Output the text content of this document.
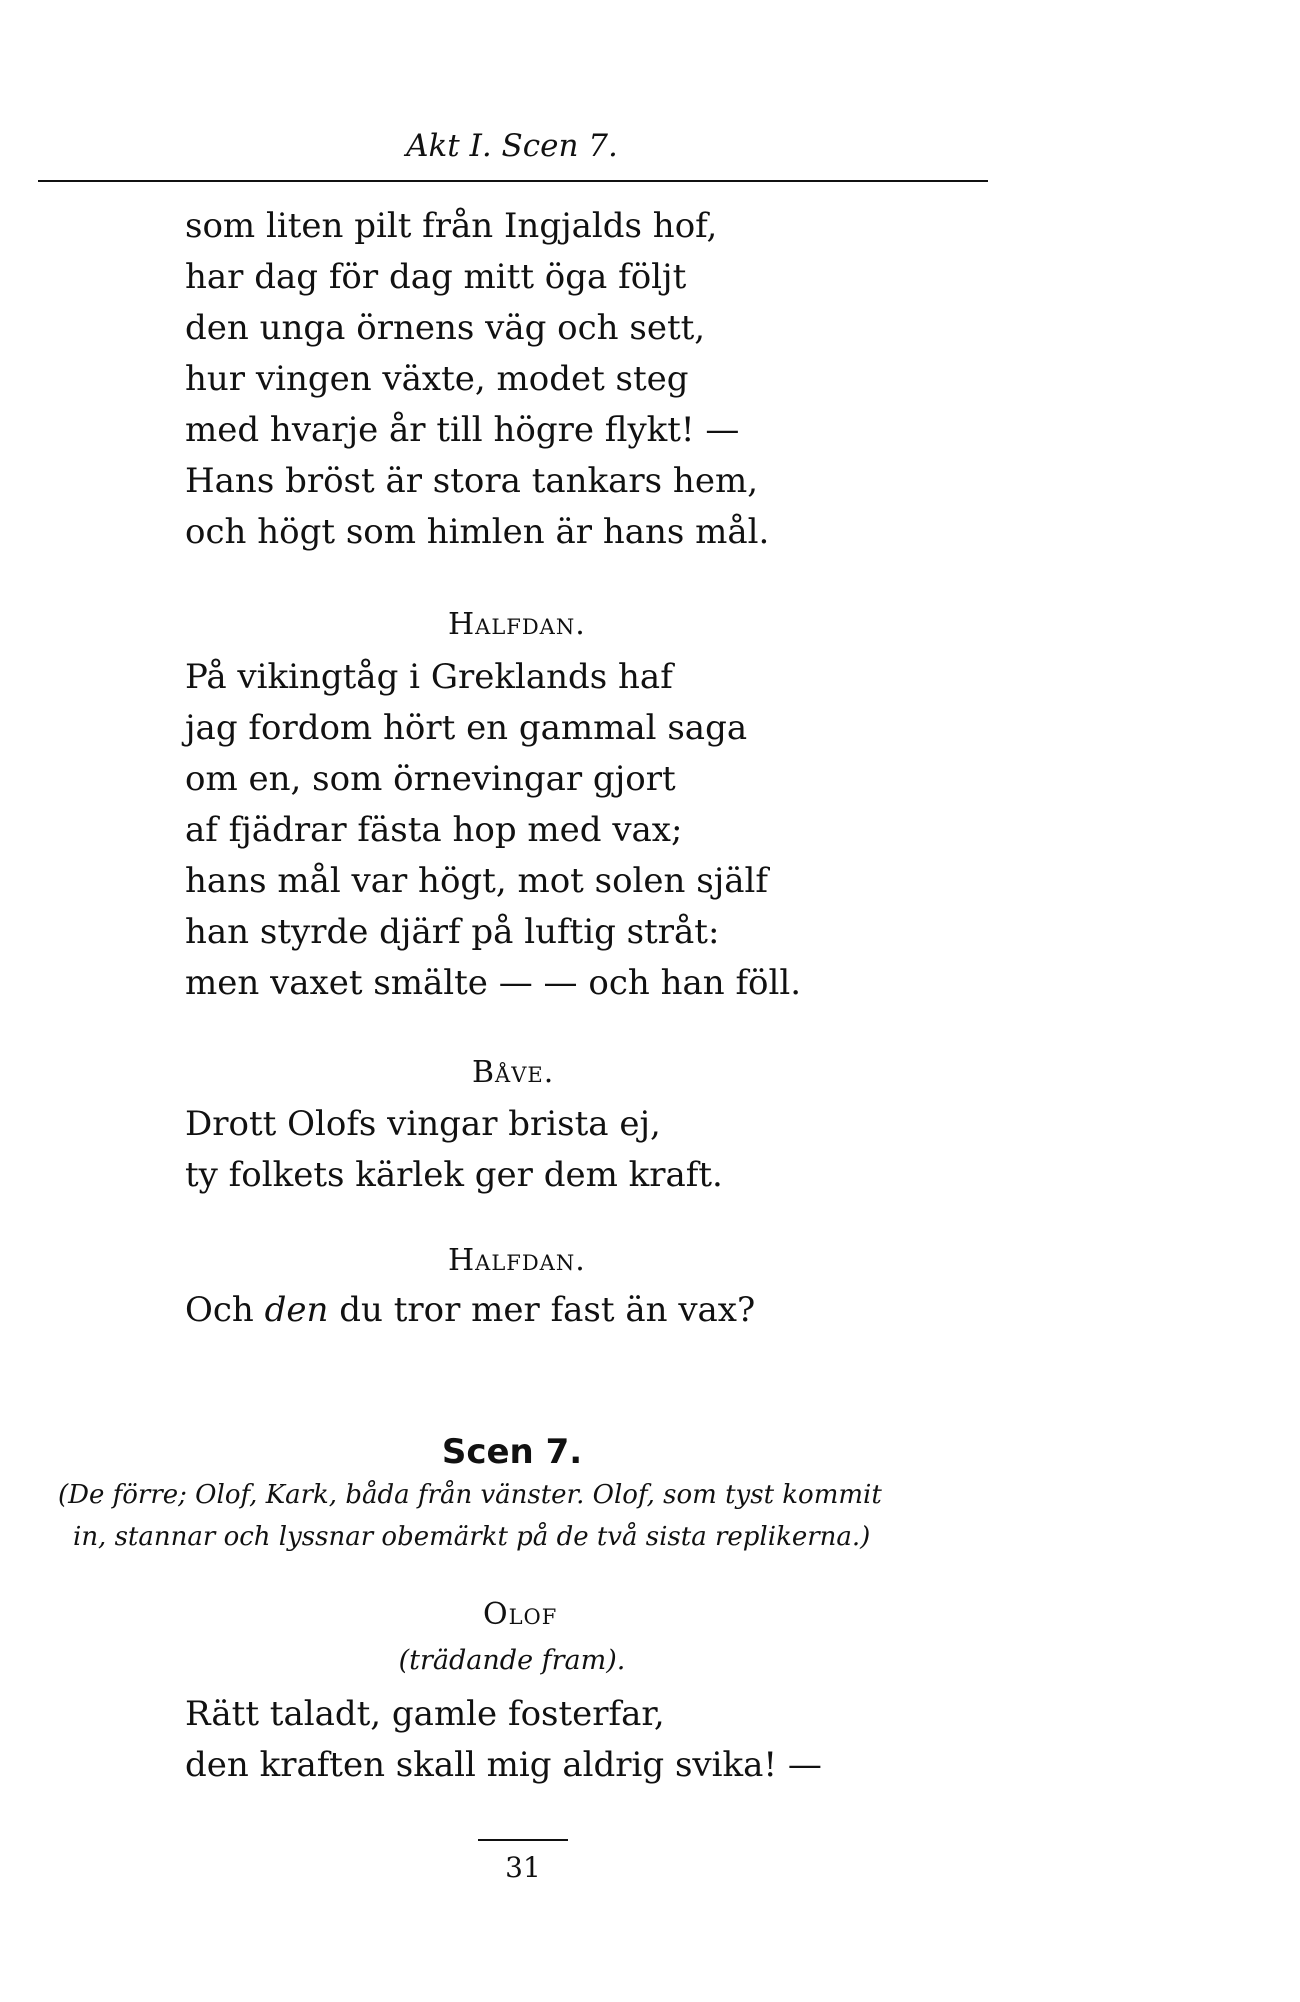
Akt I. Scen 7.
som liten pilt från Ingjalds hof,
har dag för dag mitt öga följt
den unga örnens väg och sett,
hur vingen växte, modet steg
med hvarje år till högre flykt! —
Hans bröst är stora tankars hem,
och högt som himlen är hans mål.
Halfdan.
På vikingtåg i Greklands haf
jag fordom hört en gammal saga
om en, som örnevingar gjort
af fjädrar fästa hop med vax;
hans mål var högt, mot solen själf
han styrde djärf på luftig stråt:
men vaxet smälte — — och han föll.
Båve.
Drott Olofs vingar brista ej,
ty folkets kärlek ger dem kraft.
Halfdan.
Och den du tror mer fast än vax?
Scen 7.
(De förre; Olof, Kark, båda från vänster. Olof, som tyst kommit
in, stannar och lyssnar obemärkt på de två sista replikerna.)
Olof
(trädande fram).
Rätt taladt, gamle fosterfar,
den kraften skall mig aldrig svika! —
31
